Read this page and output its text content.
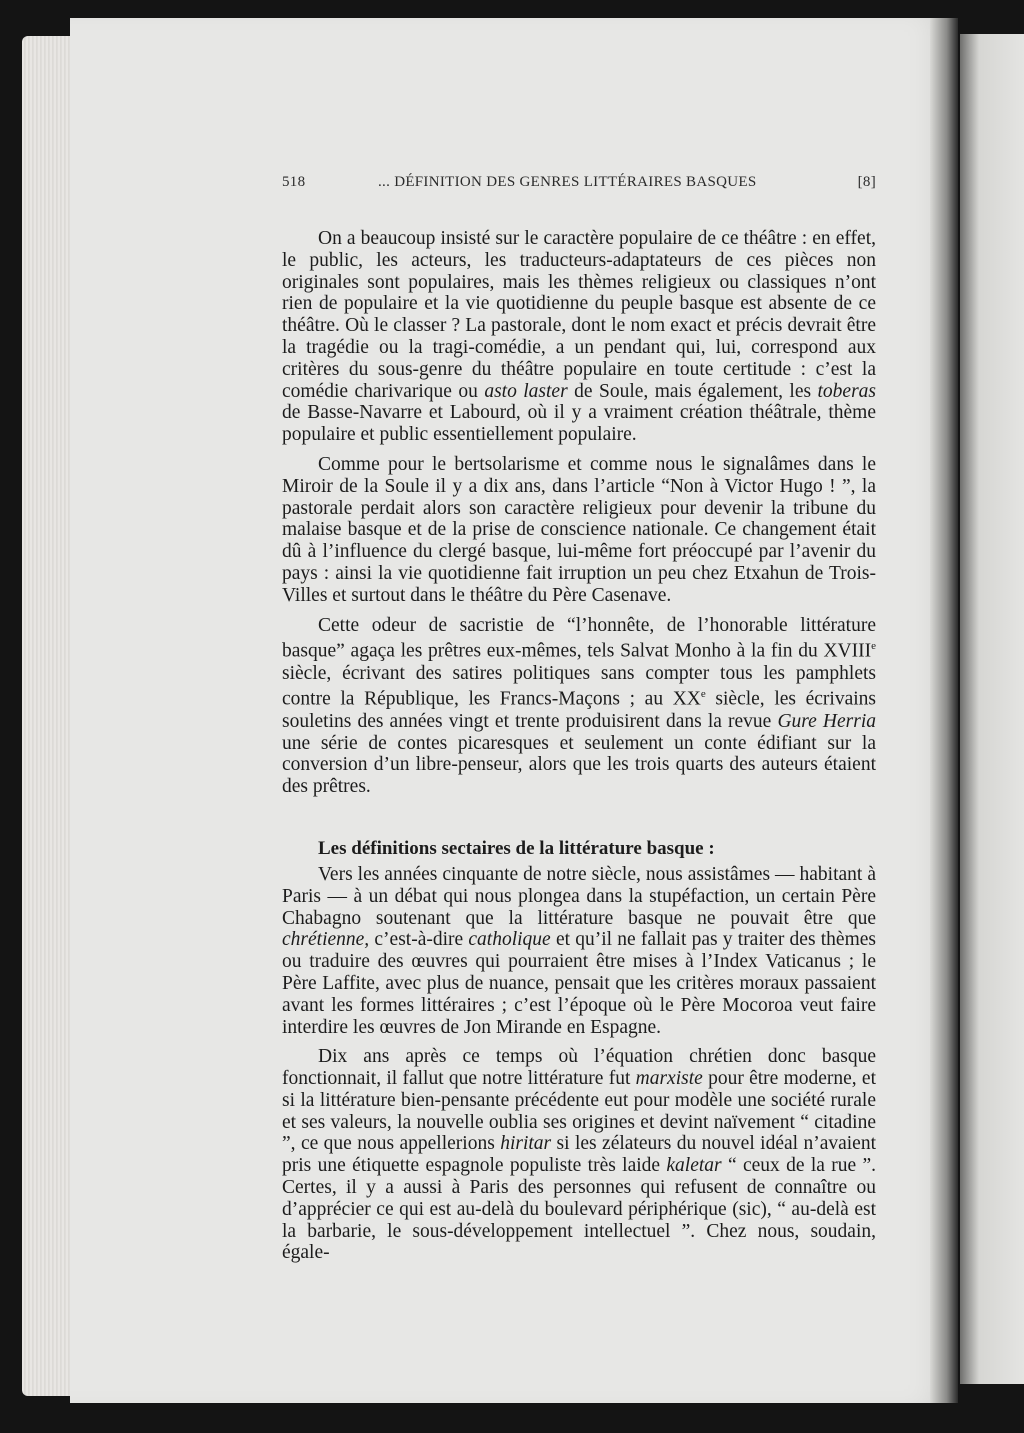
518	... DÉFINITION DES GENRES LITTÉRAIRES BASQUES	[8]

On a beaucoup insisté sur le caractère populaire de ce théâtre : en effet, le public, les acteurs, les traducteurs-adaptateurs de ces pièces non originales sont populaires, mais les thèmes religieux ou classiques n’ont rien de populaire et la vie quotidienne du peuple basque est absente de ce théâtre. Où le classer ? La pastorale, dont le nom exact et précis devrait être la tragédie ou la tragi-comédie, a un pendant qui, lui, correspond aux critères du sous-genre du théâtre populaire en toute certitude : c’est la comédie charivarique ou asto laster de Soule, mais également, les toberas de Basse-Navarre et Labourd, où il y a vraiment création théâtrale, thème populaire et public essentiellement populaire.

Comme pour le bertsolarisme et comme nous le signalâmes dans le Miroir de la Soule il y a dix ans, dans l’article “Non à Victor Hugo ! ”, la pastorale perdait alors son caractère religieux pour devenir la tribune du malaise basque et de la prise de conscience nationale. Ce changement était dû à l’influence du clergé basque, lui-même fort préoccupé par l’avenir du pays : ainsi la vie quotidienne fait irruption un peu chez Etxahun de Trois-Villes et surtout dans le théâtre du Père Casenave.

Cette odeur de sacristie de “l’honnête, de l’honorable littérature basque” agaça les prêtres eux-mêmes, tels Salvat Monho à la fin du XVIIIe siècle, écrivant des satires politiques sans compter tous les pamphlets contre la République, les Francs-Maçons ; au XXe siècle, les écrivains souletins des années vingt et trente produisirent dans la revue Gure Herria une série de contes picaresques et seulement un conte édifiant sur la conversion d’un libre-penseur, alors que les trois quarts des auteurs étaient des prêtres.

Les définitions sectaires de la littérature basque :

Vers les années cinquante de notre siècle, nous assistâmes — habitant à Paris — à un débat qui nous plongea dans la stupéfaction, un certain Père Chabagno soutenant que la littérature basque ne pouvait être que chrétienne, c’est-à-dire catholique et qu’il ne fallait pas y traiter des thèmes ou traduire des œuvres qui pourraient être mises à l’Index Vaticanus ; le Père Laffite, avec plus de nuance, pensait que les critères moraux passaient avant les formes littéraires ; c’est l’époque où le Père Mocoroa veut faire interdire les œuvres de Jon Mirande en Espagne.

Dix ans après ce temps où l’équation chrétien donc basque fonctionnait, il fallut que notre littérature fut marxiste pour être moderne, et si la littérature bien-pensante précédente eut pour modèle une société rurale et ses valeurs, la nouvelle oublia ses origines et devint naïvement “ citadine ”, ce que nous appellerions hiritar si les zélateurs du nouvel idéal n’avaient pris une étiquette espagnole populiste très laide kaletar “ ceux de la rue ”. Certes, il y a aussi à Paris des personnes qui refusent de connaître ou d’apprécier ce qui est au-delà du boulevard périphérique (sic), “ au-delà est la barbarie, le sous-développement intellectuel ”. Chez nous, soudain, égale-
